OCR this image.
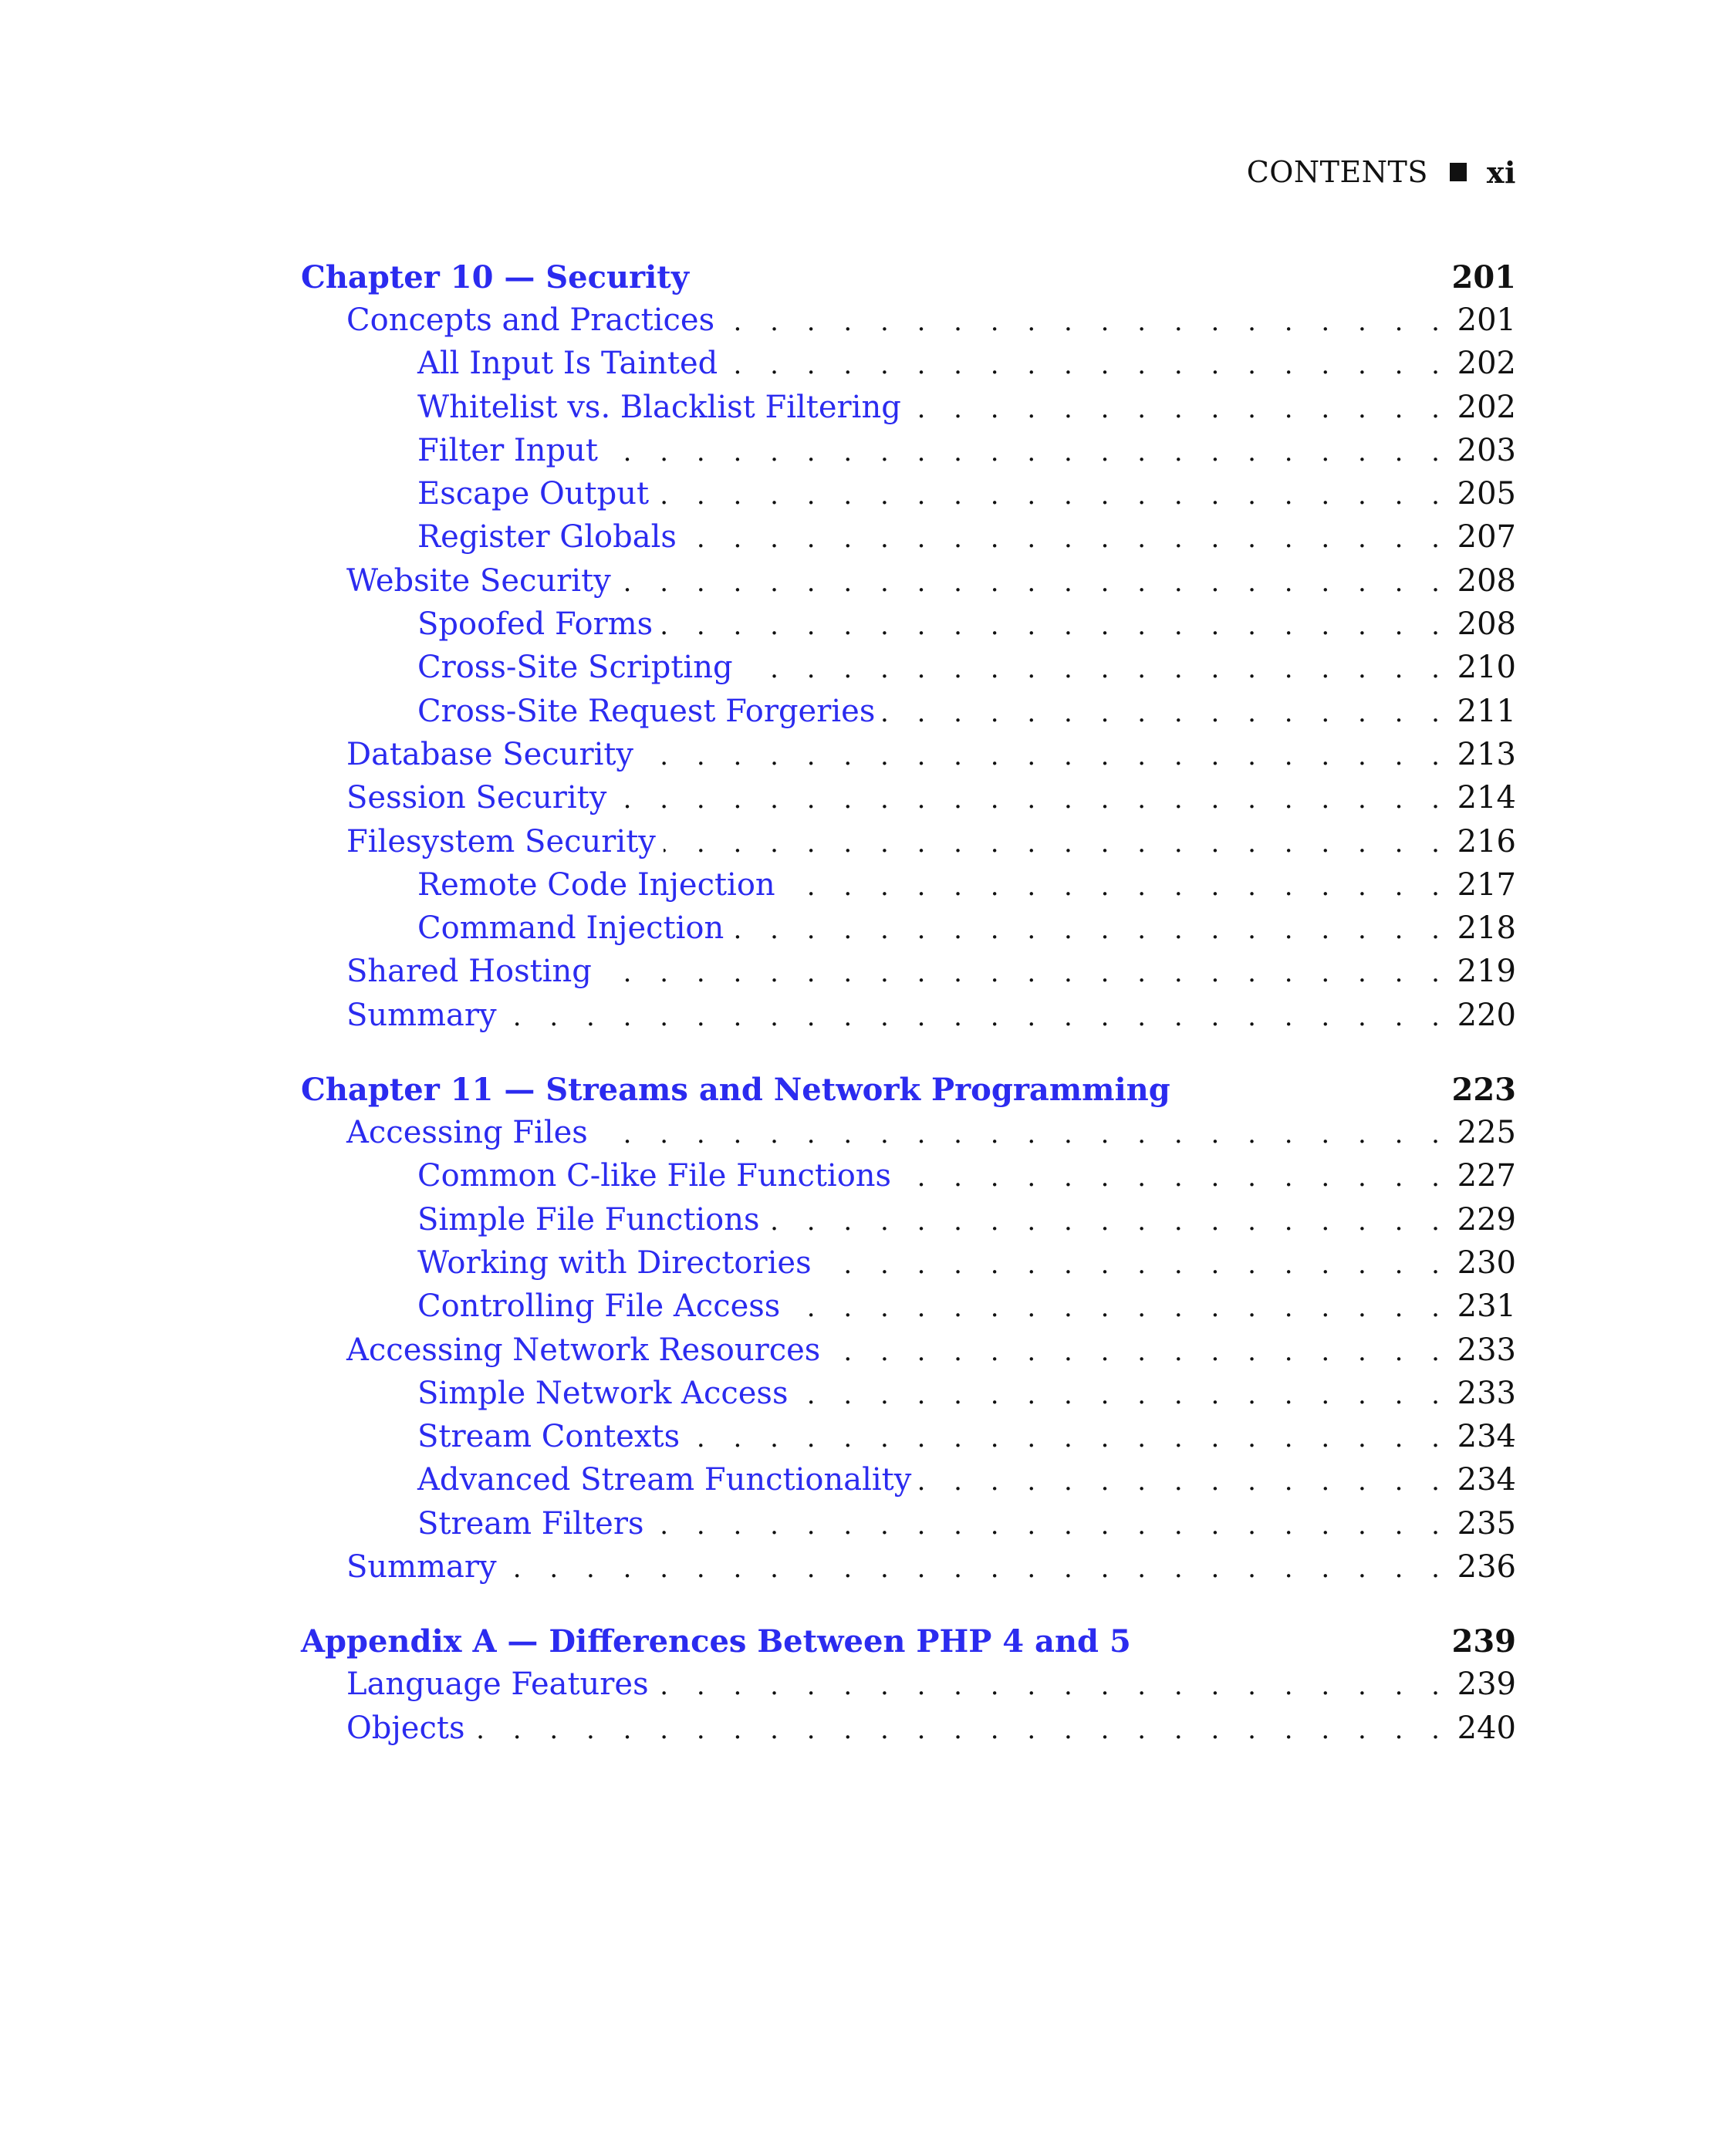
CONTENTS xi
Chapter 10 — Security	201
Concepts and Practices . . .	201
All Input Is Tainted . . .	202
Whitelist vs. Blacklist Filtering . . .	202
Filter Input . . .	203
Escape Output . . .	205
Register Globals . . .	207
Website Security . . .	208
Spoofed Forms . . .	208
Cross-Site Scripting . . .	210
Cross-Site Request Forgeries . . .	211
Database Security . . .	213
Session Security . . .	214
Filesystem Security . . .	216
Remote Code Injection . . .	217
Command Injection . . .	218
Shared Hosting . . .	219
Summary . . .	220
Chapter 11 — Streams and Network Programming	223
Accessing Files . . .	225
Common C-like File Functions . . .	227
Simple File Functions . . .	229
Working with Directories . . .	230
Controlling File Access . . .	231
Accessing Network Resources . . .	233
Simple Network Access . . .	233
Stream Contexts . . .	234
Advanced Stream Functionality . . .	234
Stream Filters . . .	235
Summary . . .	236
Appendix A — Differences Between PHP 4 and 5	239
Language Features . . .	239
Objects . . .	240
